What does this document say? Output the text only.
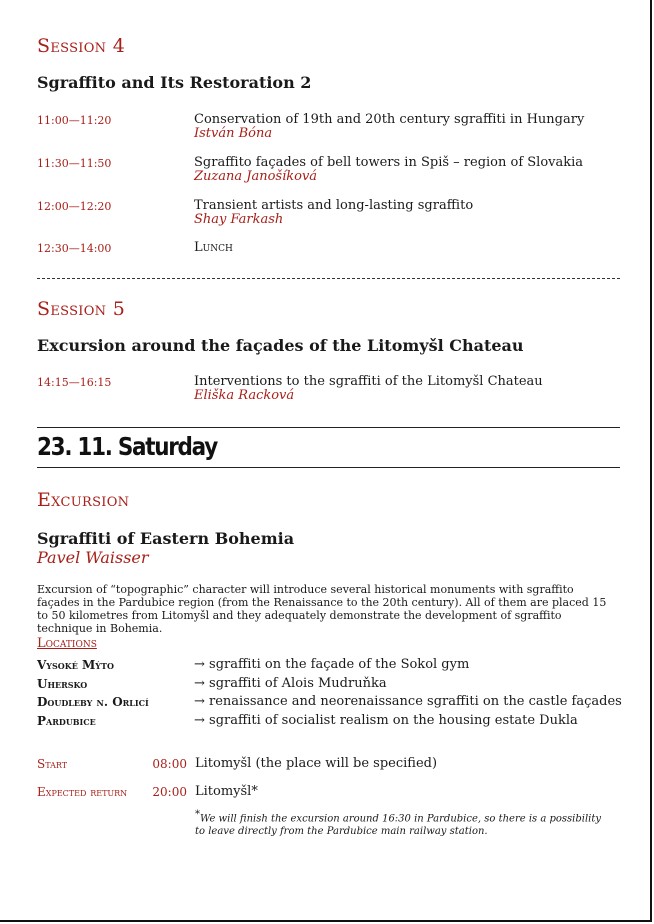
Session 4
Sgraffito and Its Restoration 2
11:00—11:20	Conservation of 19th and 20th century sgraffiti in Hungary
István Bóna
11:30—11:50	Sgraffito façades of bell towers in Spiš – region of Slovakia
Zuzana Janošíková
12:00—12:20	Transient artists and long-lasting sgraffito
Shay Farkash
12:30—14:00	Lunch
Session 5
Excursion around the façades of the Litomyšl Chateau
14:15—16:15	Interventions to the sgraffiti of the Litomyšl Chateau
Eliška Racková
23. 11. Saturday
Excursion
Sgraffiti of Eastern Bohemia
Pavel Waisser
Excursion of “topographic” character will introduce several historical monuments with sgraffito façades in the Pardubice region (from the Renaissance to the 20th century). All of them are placed 15 to 50 kilometres from Litomyšl and they adequately demonstrate the development of sgraffito technique in Bohemia.
Locations
Vysoké Mýto	→ sgraffiti on the façade of the Sokol gym
Uhersko	→ sgraffiti of Alois Mudruňka
Doudleby n. Orlicí	→ renaissance and neorenaissance sgraffiti on the castle façades
Pardubice	→ sgraffiti of socialist realism on the housing estate Dukla
Start	08:00 Litomyšl (the place will be specified)
Expected return	20:00 Litomyšl*
*We will finish the excursion around 16:30 in Pardubice, so there is a possibility to leave directly from the Pardubice main railway station.
